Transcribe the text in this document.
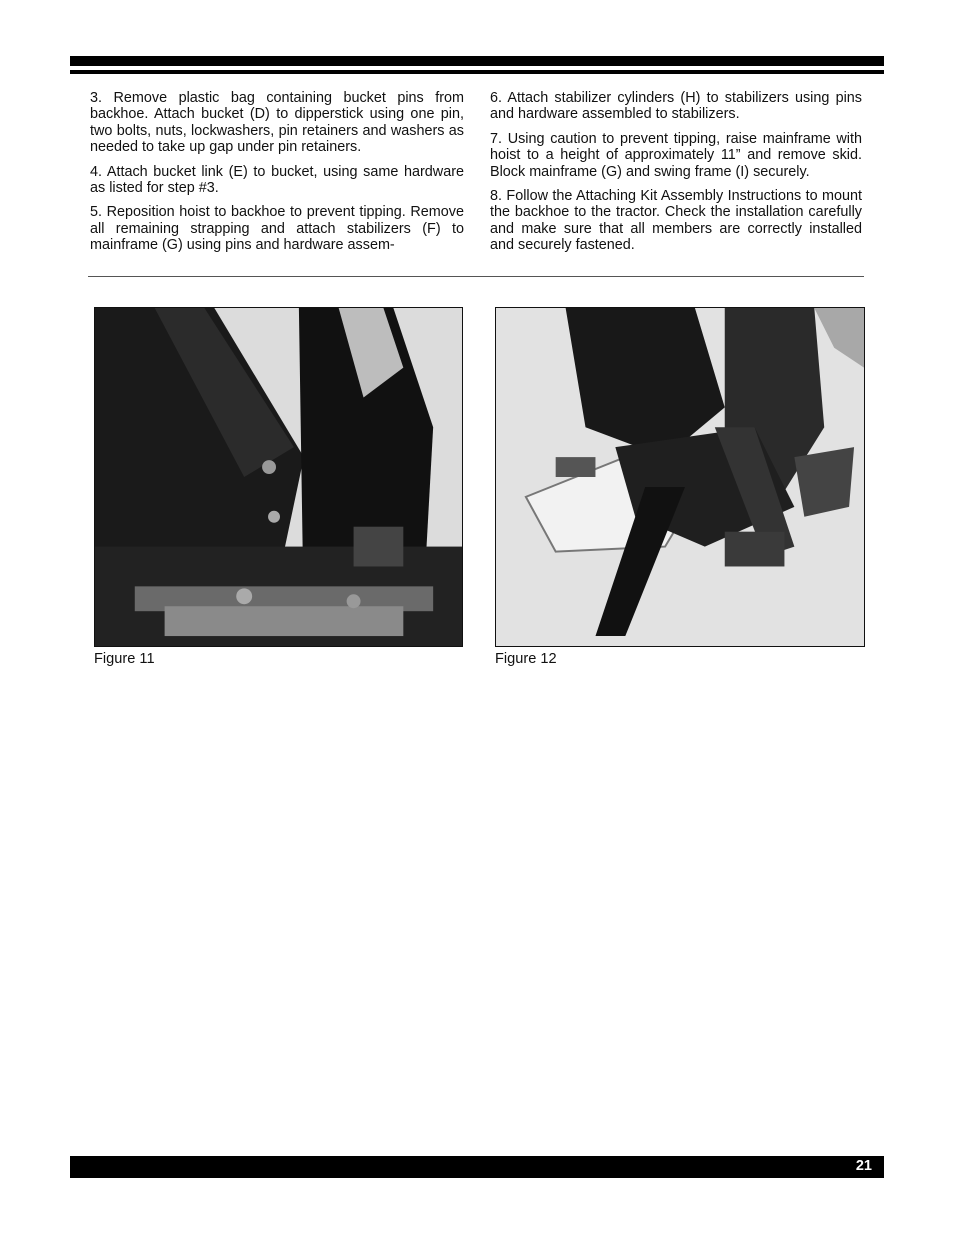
3. Remove plastic bag containing bucket pins from backhoe. Attach bucket (D) to dipperstick using one pin, two bolts, nuts, lockwashers, pin retainers and washers as needed to take up gap under pin retainers.

4. Attach bucket link (E) to bucket, using same hardware as listed for step #3.

5. Reposition hoist to backhoe to prevent tipping. Remove all remaining strapping and attach stabilizers (F) to mainframe (G) using pins and hardware assem-

6. Attach stabilizer cylinders (H) to stabilizers using pins and hardware assembled to stabilizers.

7. Using caution to prevent tipping, raise mainframe with hoist to a height of approximately 11” and remove skid. Block mainframe (G) and swing frame (I) securely.

8. Follow the Attaching Kit Assembly Instructions to mount the backhoe to the tractor. Check the installation carefully and make sure that all members are correctly installed and securely fastened.

Figure 11	Figure 12
21
